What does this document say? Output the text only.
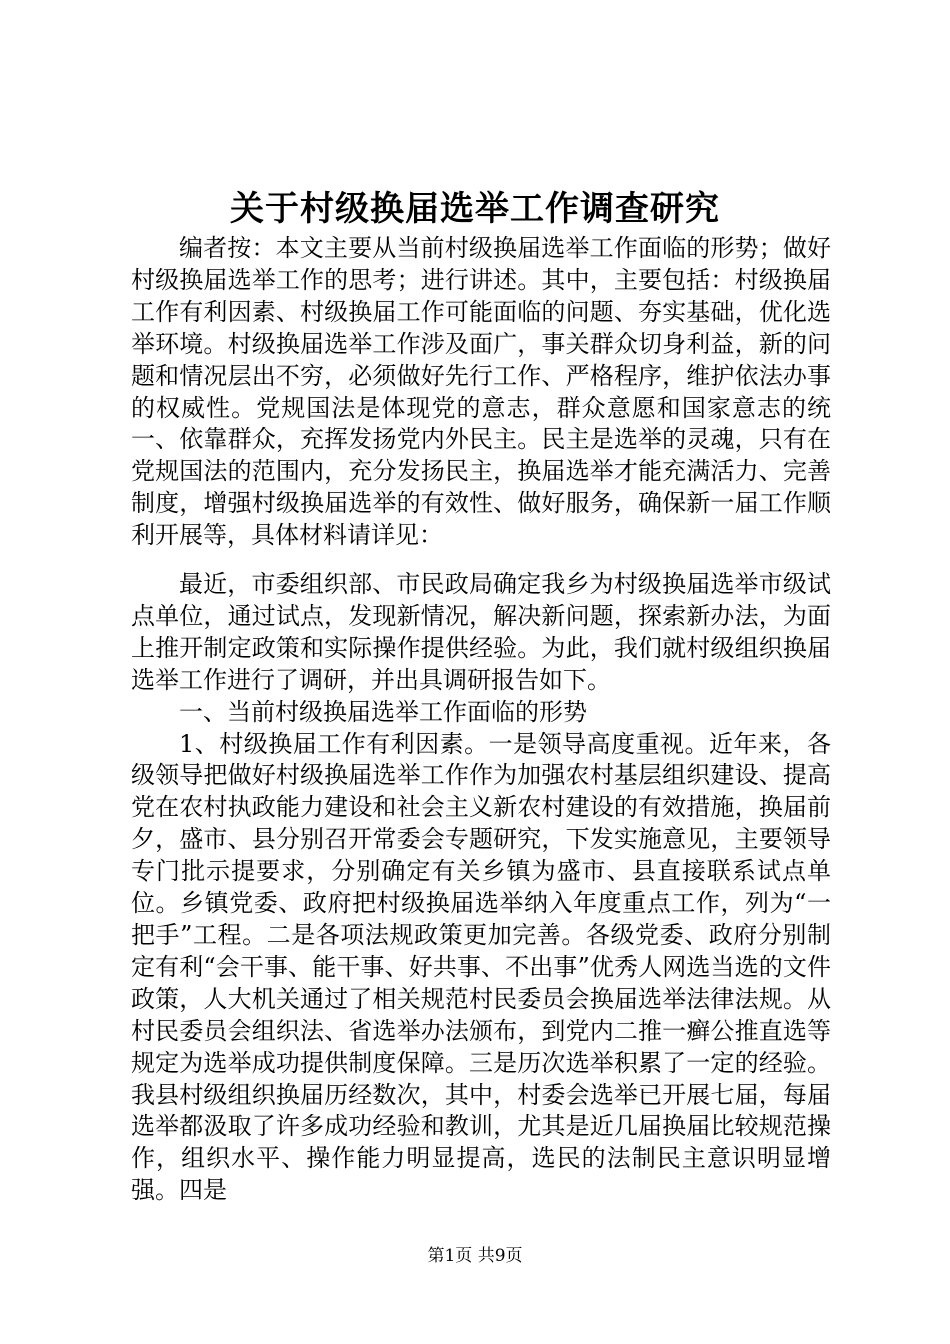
关于村级换届选举工作调查研究

编者按：本文主要从当前村级换届选举工作面临的形势；做好村级换届选举工作的思考；进行讲述。其中，主要包括：村级换届工作有利因素、村级换届工作可能面临的问题、夯实基础，优化选举环境。村级换届选举工作涉及面广，事关群众切身利益，新的问题和情况层出不穷，必须做好先行工作、严格程序，维护依法办事的权威性。党规国法是体现党的意志，群众意愿和国家意志的统一、依靠群众，充挥发扬党内外民主。民主是选举的灵魂，只有在党规国法的范围内，充分发扬民主，换届选举才能充满活力、完善制度，增强村级换届选举的有效性、做好服务，确保新一届工作顺利开展等，具体材料请详见：

最近，市委组织部、市民政局确定我乡为村级换届选举市级试点单位，通过试点，发现新情况，解决新问题，探索新办法，为面上推开制定政策和实际操作提供经验。为此，我们就村级组织换届选举工作进行了调研，并出具调研报告如下。

一、当前村级换届选举工作面临的形势

1、村级换届工作有利因素。一是领导高度重视。近年来，各级领导把做好村级换届选举工作作为加强农村基层组织建设、提高党在农村执政能力建设和社会主义新农村建设的有效措施，换届前夕，盛市、县分别召开常委会专题研究，下发实施意见，主要领导专门批示提要求，分别确定有关乡镇为盛市、县直接联系试点单位。乡镇党委、政府把村级换届选举纳入年度重点工作，列为“一把手”工程。二是各项法规政策更加完善。各级党委、政府分别制定有利“会干事、能干事、好共事、不出事”优秀人网选当选的文件政策，人大机关通过了相关规范村民委员会换届选举法律法规。从村民委员会组织法、省选举办法颁布，到党内二推一癣公推直选等规定为选举成功提供制度保障。三是历次选举积累了一定的经验。我县村级组织换届历经数次，其中，村委会选举已开展七届，每届选举都汲取了许多成功经验和教训，尤其是近几届换届比较规范操作，组织水平、操作能力明显提高，选民的法制民主意识明显增强。四是

第1页 共9页
